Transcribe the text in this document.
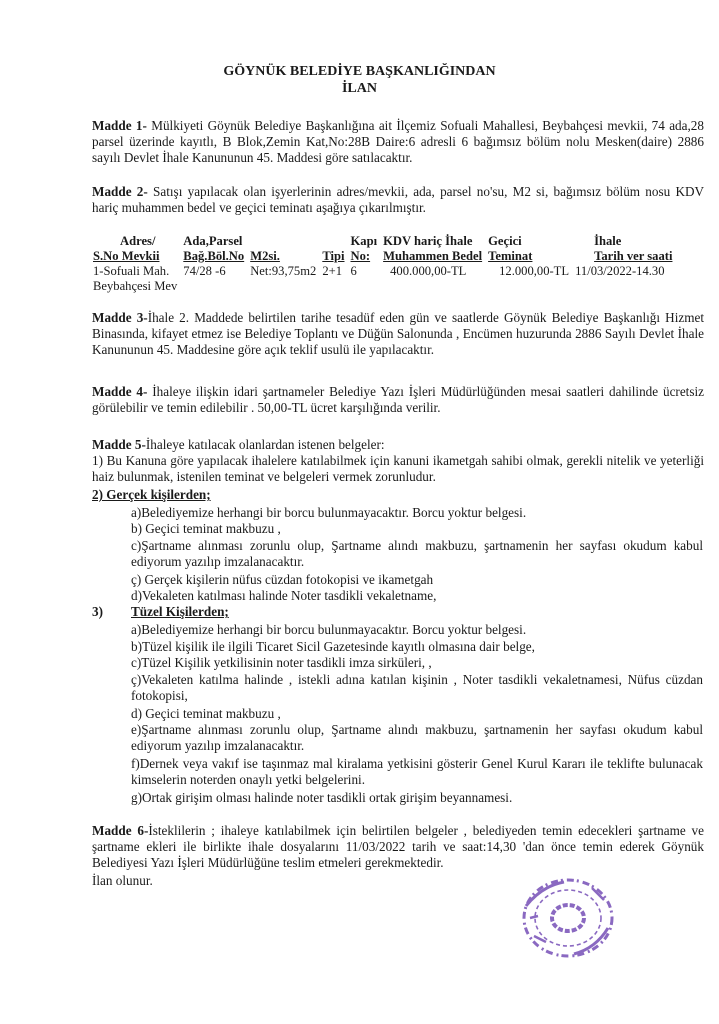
GÖYNÜK BELEDİYE BAŞKANLIĞINDAN
İLAN
Madde 1- Mülkiyeti Göynük Belediye Başkanlığına ait İlçemiz Sofuali Mahallesi, Beybahçesi mevkii, 74 ada,28 parsel üzerinde kayıtlı, B Blok,Zemin Kat,No:28B Daire:6 adresli 6 bağımsız bölüm nolu Mesken(daire) 2886 sayılı Devlet İhale Kanununun 45. Maddesi göre satılacaktır.
Madde 2- Satışı yapılacak olan işyerlerinin adres/mevkii, ada, parsel no'su, M2 si, bağımsız bölüm nosu KDV hariç muhammen bedel ve geçici teminatı aşağıya çıkarılmıştır.
Adres/	Ada,Parsel			Kapı	KDV hariç İhale	Geçici	İhale
S.No Mevkii	Bağ.Böl.No	M2si.	Tipi	No:	Muhammen Bedel	Teminat	Tarih ver saati
1-Sofuali Mah.	74/28 -6	Net:93,75m2	2+1	6	400.000,00-TL	12.000,00-TL	11/03/2022-14.30
Beybahçesi Mev							
Madde 3-İhale 2. Maddede belirtilen tarihe tesadüf eden gün ve saatlerde Göynük Belediye Başkanlığı Hizmet Binasında, kifayet etmez ise Belediye Toplantı ve Düğün Salonunda , Encümen huzurunda 2886 Sayılı Devlet İhale Kanununun 45. Maddesine göre açık teklif usulü ile yapılacaktır.
Madde 4- İhaleye ilişkin idari şartnameler Belediye Yazı İşleri Müdürlüğünden mesai saatleri dahilinde ücretsiz görülebilir ve temin edilebilir . 50,00-TL ücret karşılığında verilir.
Madde 5-İhaleye katılacak olanlardan istenen belgeler:
1) Bu Kanuna göre yapılacak ihalelere katılabilmek için kanuni ikametgah sahibi olmak, gerekli nitelik ve yeterliği haiz bulunmak, istenilen teminat ve belgeleri vermek zorunludur.
2) Gerçek kişilerden;
a)Belediyemize herhangi bir borcu bulunmayacaktır. Borcu yoktur belgesi.
b) Geçici teminat makbuzu ,
c)Şartname alınması zorunlu olup, Şartname alındı makbuzu, şartnamenin her sayfası okudum kabul ediyorum yazılıp imzalanacaktır.
ç) Gerçek kişilerin nüfus cüzdan fotokopisi ve ikametgah
d)Vekaleten katılması halinde Noter tasdikli vekaletname,
3) Tüzel Kişilerden;
a)Belediyemize herhangi bir borcu bulunmayacaktır. Borcu yoktur belgesi.
b)Tüzel kişilik ile ilgili Ticaret Sicil Gazetesinde kayıtlı olmasına dair belge,
c)Tüzel Kişilik yetkilisinin noter tasdikli imza sirküleri, ,
ç)Vekaleten katılma halinde , istekli adına katılan kişinin , Noter tasdikli vekaletnamesi, Nüfus cüzdan fotokopisi,
d) Geçici teminat makbuzu ,
e)Şartname alınması zorunlu olup, Şartname alındı makbuzu, şartnamenin her sayfası okudum kabul ediyorum yazılıp imzalanacaktır.
f)Dernek veya vakıf ise taşınmaz mal kiralama yetkisini gösterir Genel Kurul Kararı ile teklifte bulunacak kimselerin noterden onaylı yetki belgelerini.
g)Ortak girişim olması halinde noter tasdikli ortak girişim beyannamesi.
Madde 6-İsteklilerin ; ihaleye katılabilmek için belirtilen belgeler , belediyeden temin edecekleri şartname ve şartname ekleri ile birlikte ihale dosyalarını 11/03/2022 tarih ve saat:14,30 'dan önce temin ederek Göynük Belediyesi Yazı İşleri Müdürlüğüne teslim etmeleri gerekmektedir.
İlan olunur.
